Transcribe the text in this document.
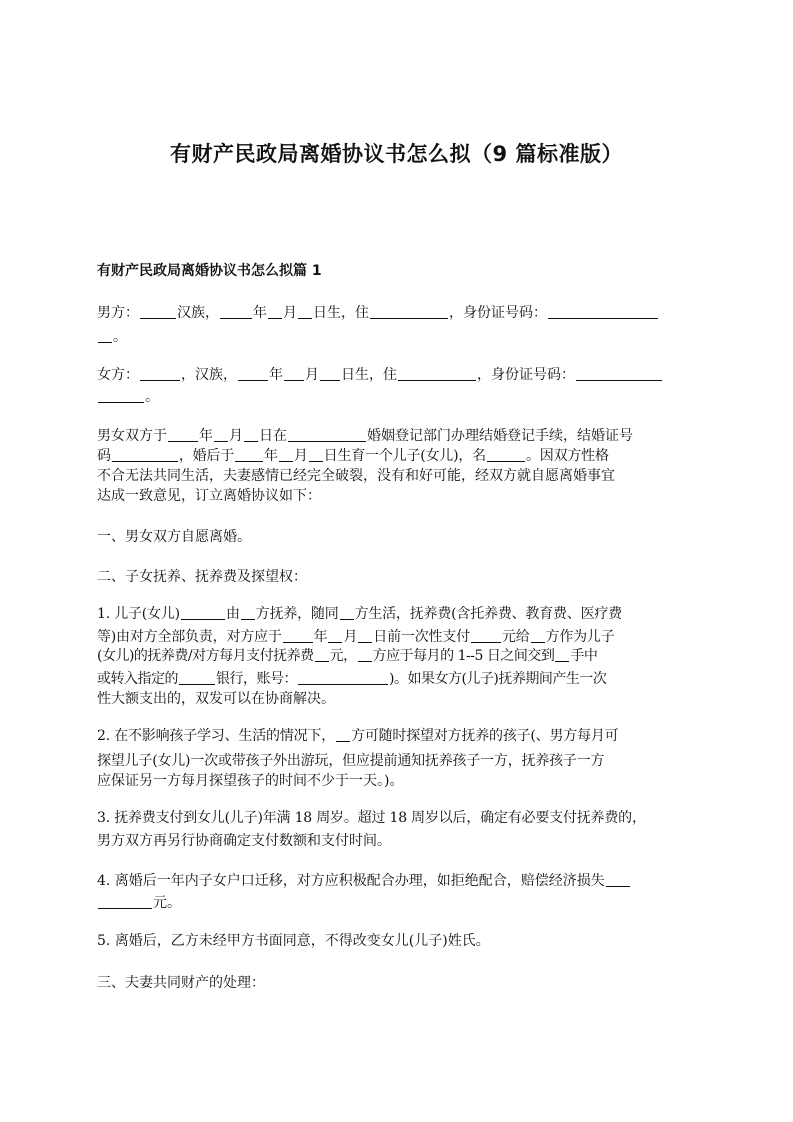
有财产民政局离婚协议书怎么拟（9 篇标准版）
有财产民政局离婚协议书怎么拟篇 1
男方：	汉族， 年 月 日生，住	，身份证号码：
。
女方：	，汉族， 年 月 日生，住	，身份证号码：
。
男女双方于 年 月 日在	婚姻登记部门办理结婚登记手续，结婚证号
码	，婚后于 年 月 日生育一个儿子(女儿)，名	。因双方性格
不合无法共同生活，夫妻感情已经完全破裂，没有和好可能，经双方就自愿离婚事宜
达成一致意见，订立离婚协议如下：
一、男女双方自愿离婚。
二、子女抚养、抚养费及探望权：
1. 儿子(女儿)	由 方抚养，随同 方生活，抚养费(含托养费、教育费、医疗费
等)由对方全部负责，对方应于 年 月 日前一次性支付 元给 方作为儿子
(女儿)的抚养费/对方每月支付抚养费 元， 方应于每月的 1--5 日之间交到 手中
或转入指定的	银行，账号：	)。如果女方(儿子)抚养期间产生一次
性大额支出的，双发可以在协商解决。
2. 在不影响孩子学习、生活的情况下， 方可随时探望对方抚养的孩子(、男方每月可
探望儿子(女儿)一次或带孩子外出游玩，但应提前通知抚养孩子一方，抚养孩子一方
应保证另一方每月探望孩子的时间不少于一天。)。
3. 抚养费支付到女儿(儿子)年满 18 周岁。超过 18 周岁以后，确定有必要支付抚养费的，
男方双方再另行协商确定支付数额和支付时间。
4. 离婚后一年内子女户口迁移，对方应积极配合办理，如拒绝配合，赔偿经济损失
元。
5. 离婚后，乙方未经甲方书面同意，不得改变女儿(儿子)姓氏。
三、夫妻共同财产的处理：
